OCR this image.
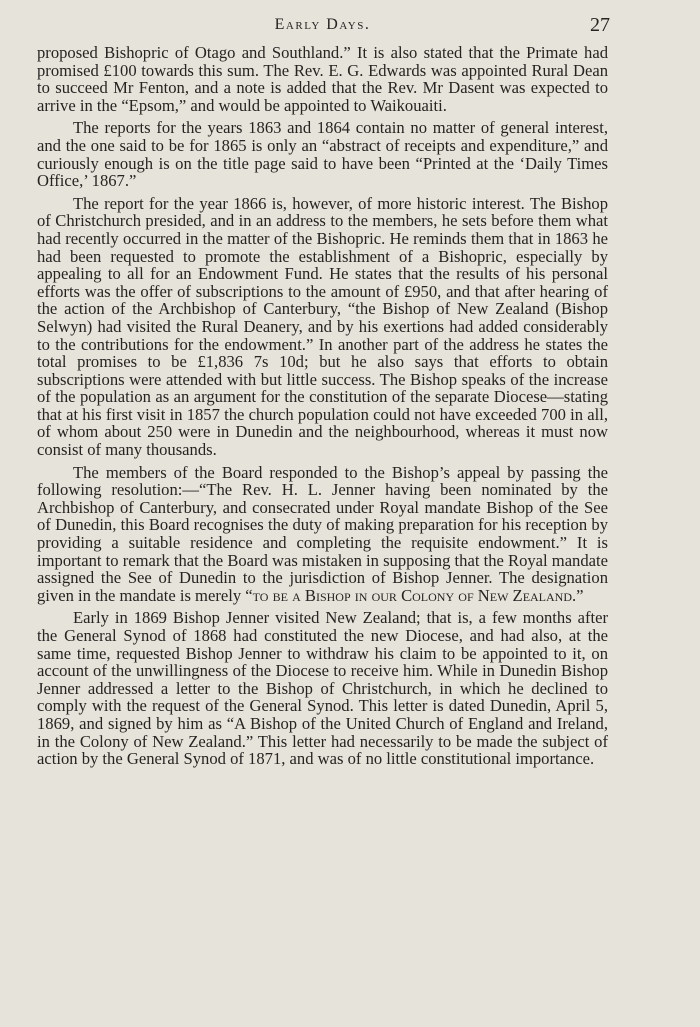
Early Days.	27

proposed Bishopric of Otago and Southland.” It is also stated that the Primate had promised £100 towards this sum. The Rev. E. G. Edwards was appointed Rural Dean to succeed Mr Fenton, and a note is added that the Rev. Mr Dasent was expected to arrive in the “Epsom,” and would be appointed to Waikouaiti.

The reports for the years 1863 and 1864 contain no matter of general interest, and the one said to be for 1865 is only an “abstract of receipts and expenditure,” and curiously enough is on the title page said to have been “Printed at the ‘Daily Times Office,’ 1867.”

The report for the year 1866 is, however, of more historic interest. The Bishop of Christchurch presided, and in an address to the members, he sets before them what had recently occurred in the matter of the Bishopric. He reminds them that in 1863 he had been requested to promote the establishment of a Bishopric, especially by appealing to all for an Endowment Fund. He states that the results of his personal efforts was the offer of subscriptions to the amount of £950, and that after hearing of the action of the Archbishop of Canterbury, “the Bishop of New Zealand (Bishop Selwyn) had visited the Rural Deanery, and by his exertions had added considerably to the contributions for the endowment.” In another part of the address he states the total promises to be £1,836 7s 10d; but he also says that efforts to obtain subscriptions were attended with but little success. The Bishop speaks of the increase of the population as an argument for the constitution of the separate Diocese—stating that at his first visit in 1857 the church population could not have exceeded 700 in all, of whom about 250 were in Dunedin and the neighbourhood, whereas it must now consist of many thousands.

The members of the Board responded to the Bishop’s appeal by passing the following resolution:—“The Rev. H. L. Jenner having been nominated by the Archbishop of Canterbury, and consecrated under Royal mandate Bishop of the See of Dunedin, this Board recognises the duty of making preparation for his reception by providing a suitable residence and completing the requisite endowment.” It is important to remark that the Board was mistaken in supposing that the Royal mandate assigned the See of Dunedin to the jurisdiction of Bishop Jenner. The designation given in the mandate is merely “to be a Bishop in our Colony of New Zealand.”

Early in 1869 Bishop Jenner visited New Zealand; that is, a few months after the General Synod of 1868 had constituted the new Diocese, and had also, at the same time, requested Bishop Jenner to withdraw his claim to be appointed to it, on account of the unwillingness of the Diocese to receive him. While in Dunedin Bishop Jenner addressed a letter to the Bishop of Christchurch, in which he declined to comply with the request of the General Synod. This letter is dated Dunedin, April 5, 1869, and signed by him as “A Bishop of the United Church of England and Ireland, in the Colony of New Zealand.” This letter had necessarily to be made the subject of action by the General Synod of 1871, and was of no little constitutional importance.
